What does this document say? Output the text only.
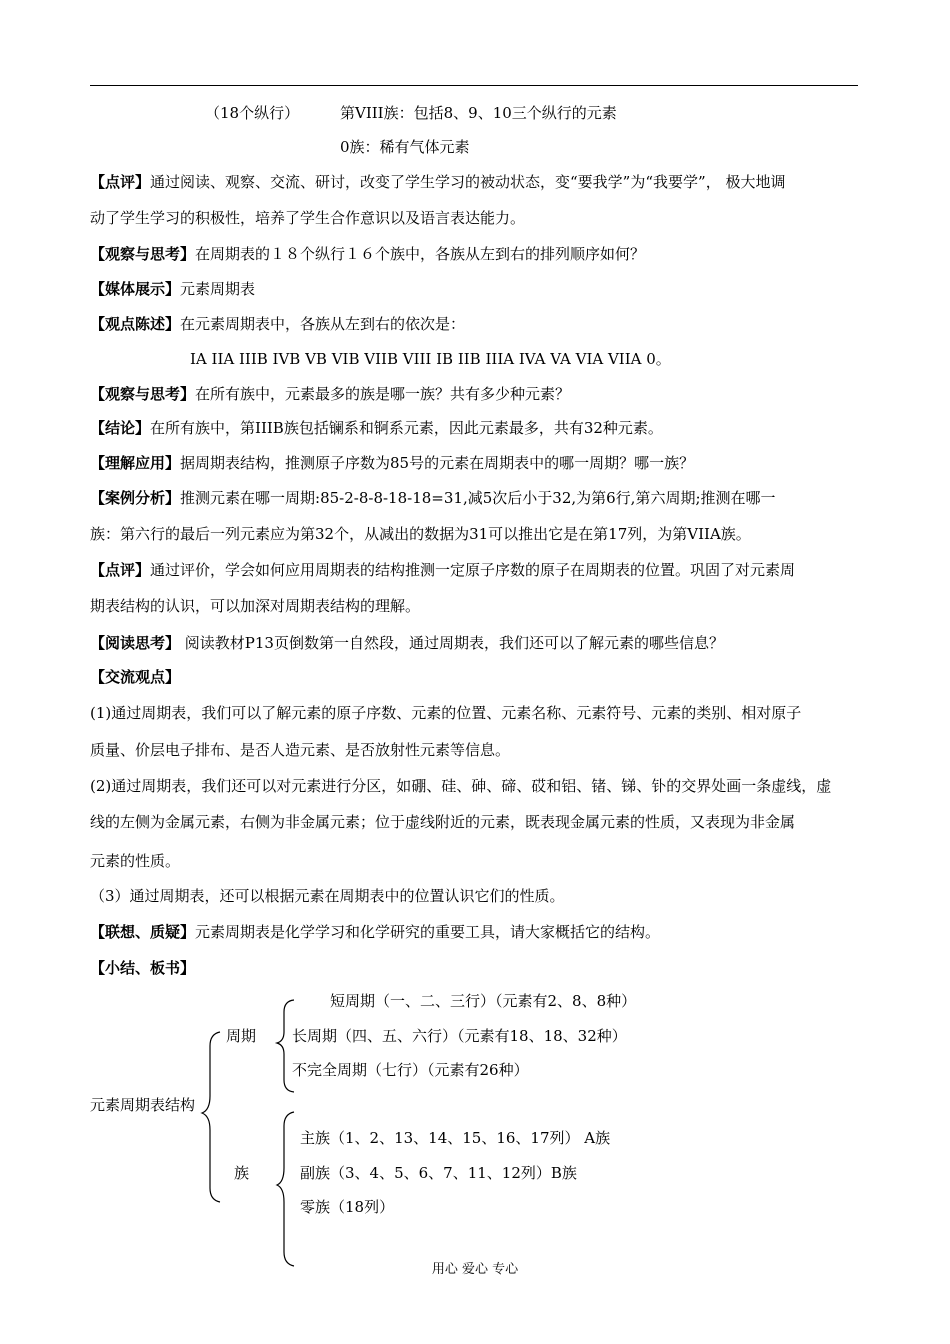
（18个纵行）	第VIII族：包括8、9、10三个纵行的元素
0族：稀有气体元素
【点评】通过阅读、观察、交流、研讨，改变了学生学习的被动状态，变“要我学”为“我要学”， 极大地调
动了学生学习的积极性，培养了学生合作意识以及语言表达能力。
【观察与思考】在周期表的１８个纵行１６个族中，各族从左到右的排列顺序如何？
【媒体展示】元素周期表
【观点陈述】在元素周期表中，各族从左到右的依次是：
IA IIA IIIB IVB VB VIB VIIB VIII IB IIB IIIA IVA VA VIA VIIA 0。
【观察与思考】在所有族中，元素最多的族是哪一族？共有多少种元素？
【结论】在所有族中，第IIIB族包括镧系和锕系元素，因此元素最多，共有32种元素。
【理解应用】据周期表结构，推测原子序数为85号的元素在周期表中的哪一周期？哪一族？
【案例分析】推测元素在哪一周期:85-2-8-8-18-18=31,减5次后小于32,为第6行,第六周期;推测在哪一
族：第六行的最后一列元素应为第32个，从减出的数据为31可以推出它是在第17列，为第VIIA族。
【点评】通过评价，学会如何应用周期表的结构推测一定原子序数的原子在周期表的位置。巩固了对元素周
期表结构的认识，可以加深对周期表结构的理解。
【阅读思考】 阅读教材P13页倒数第一自然段，通过周期表，我们还可以了解元素的哪些信息？
【交流观点】
(1)通过周期表，我们可以了解元素的原子序数、元素的位置、元素名称、元素符号、元素的类别、相对原子
质量、价层电子排布、是否人造元素、是否放射性元素等信息。
(2)通过周期表，我们还可以对元素进行分区，如硼、硅、砷、碲、砹和铝、锗、锑、钋的交界处画一条虚线，虚
线的左侧为金属元素，右侧为非金属元素；位于虚线附近的元素，既表现金属元素的性质，又表现为非金属
元素的性质。
（3）通过周期表，还可以根据元素在周期表中的位置认识它们的性质。
【联想、质疑】元素周期表是化学学习和化学研究的重要工具，请大家概括它的结构。
【小结、板书】
元素周期表结构
周期
短周期（一、二、三行）（元素有2、8、8种）
长周期（四、五、六行）（元素有18、18、32种）
不完全周期（七行）（元素有26种）
族
主族（1、2、13、14、15、16、17列） A族
副族（3、4、5、6、7、11、12列）B族
零族（18列）
用心 爱心 专心
